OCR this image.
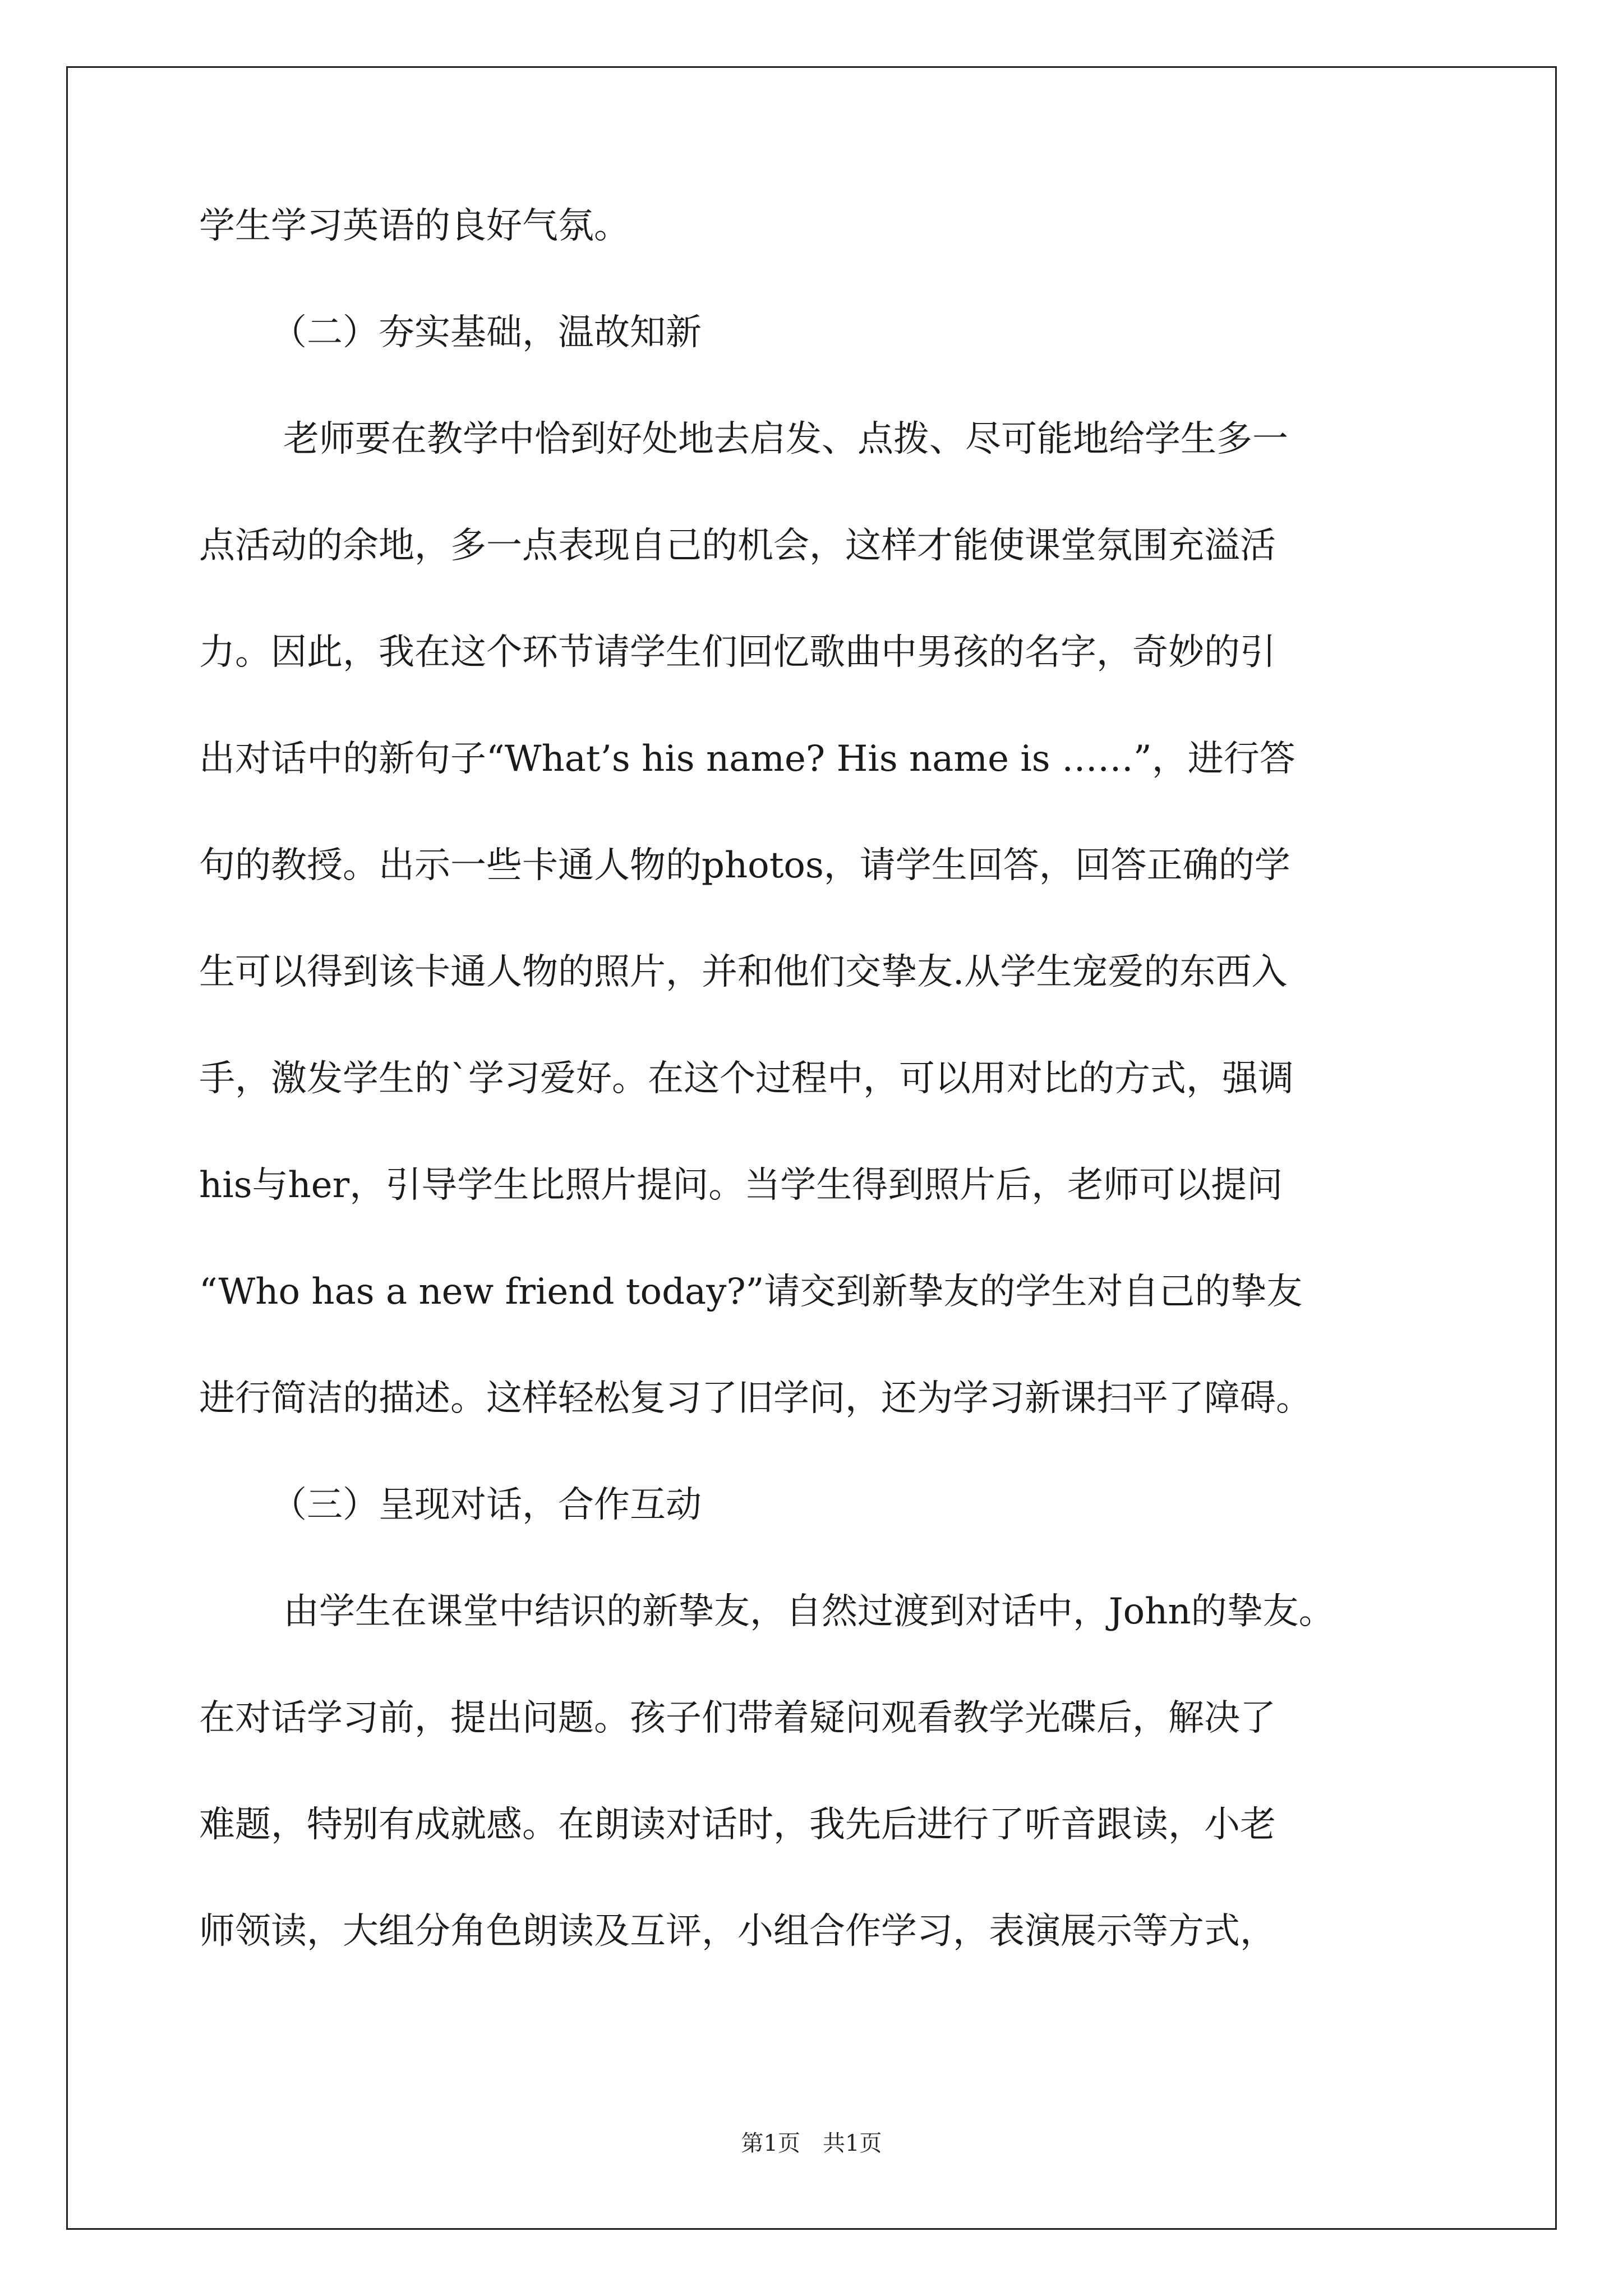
学生学习英语的良好气氛。
（二）夯实基础，温故知新
老师要在教学中恰到好处地去启发、点拨、尽可能地给学生多一
点活动的余地，多一点表现自己的机会，这样才能使课堂氛围充溢活
力。因此，我在这个环节请学生们回忆歌曲中男孩的名字，奇妙的引
出对话中的新句子“What’s his name? His name is ……”，进行答
句的教授。出示一些卡通人物的photos，请学生回答，回答正确的学
生可以得到该卡通人物的照片，并和他们交挚友.从学生宠爱的东西入
手，激发学生的`学习爱好。在这个过程中，可以用对比的方式，强调
his与her，引导学生比照片提问。当学生得到照片后，老师可以提问
“Who has a new friend today?”请交到新挚友的学生对自己的挚友
进行简洁的描述。这样轻松复习了旧学问，还为学习新课扫平了障碍。
（三）呈现对话，合作互动
由学生在课堂中结识的新挚友，自然过渡到对话中，John的挚友。
在对话学习前，提出问题。孩子们带着疑问观看教学光碟后，解决了
难题，特别有成就感。在朗读对话时，我先后进行了听音跟读，小老
师领读，大组分角色朗读及互评，小组合作学习，表演展示等方式，
第1页　共1页
